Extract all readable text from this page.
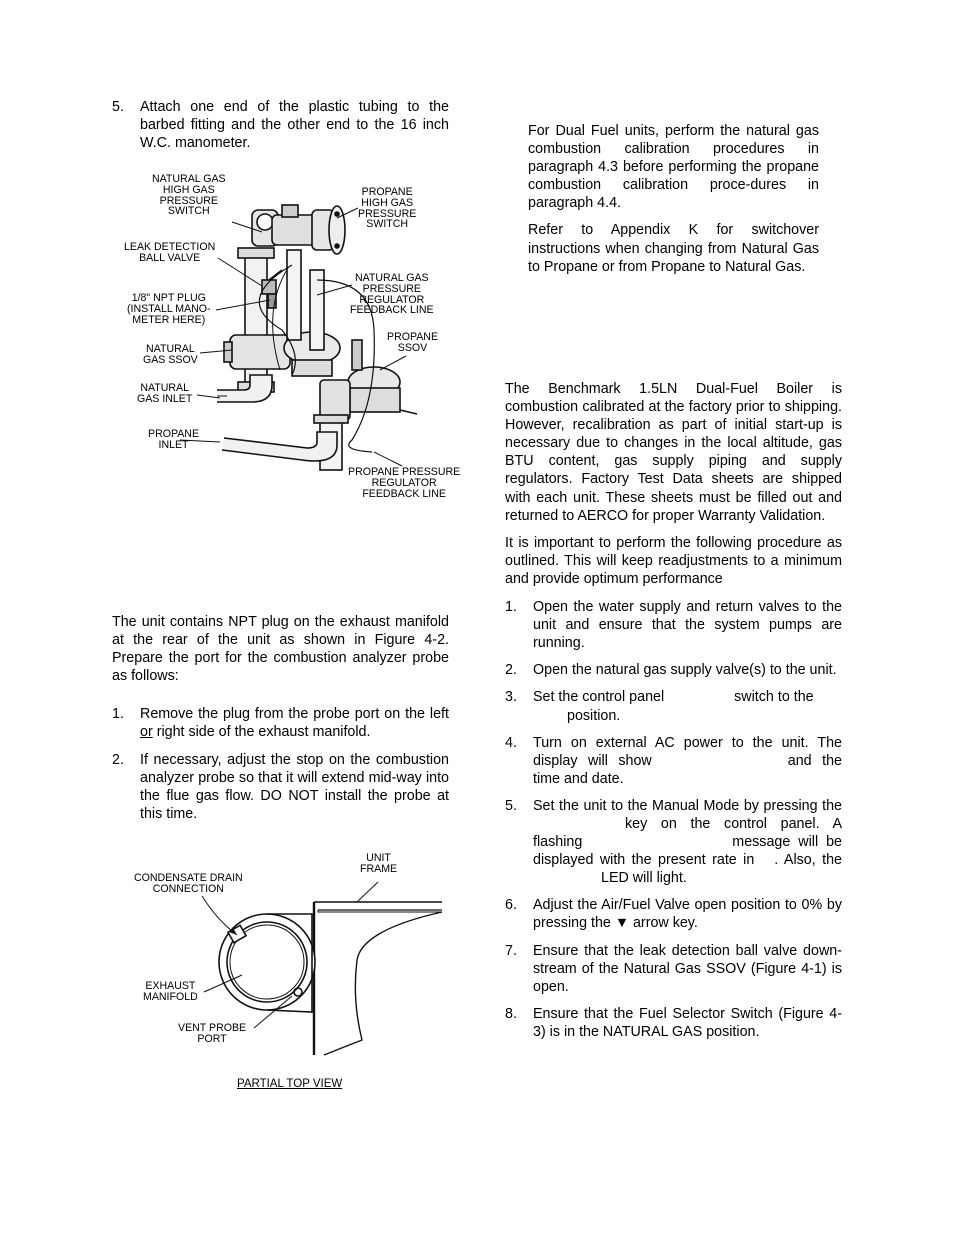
5. Attach one end of the plastic tubing to the barbed fitting and the other end to the 16 inch W.C. manometer.
NATURAL GAS
HIGH GAS
PRESSURE
SWITCH
PROPANE
HIGH GAS
PRESSURE
SWITCH
LEAK DETECTION
BALL VALVE
NATURAL GAS
PRESSURE
REGULATOR
FEEDBACK LINE
1/8" NPT PLUG
(INSTALL MANO-
METER HERE)
PROPANE
SSOV
NATURAL
GAS SSOV
NATURAL
GAS INLET
PROPANE
INLET
PROPANE PRESSURE
REGULATOR
FEEDBACK LINE

The unit contains NPT plug on the exhaust manifold at the rear of the unit as shown in Figure 4-2. Prepare the port for the combustion analyzer probe as follows:

1. Remove the plug from the probe port on the left or right side of the exhaust manifold.
2. If necessary, adjust the stop on the combustion analyzer probe so that it will extend mid-way into the flue gas flow. DO NOT install the probe at this time.
CONDENSATE DRAIN
CONNECTION
UNIT
FRAME
EXHAUST
MANIFOLD
VENT PROBE
PORT
PARTIAL TOP VIEW

For Dual Fuel units, perform the natural gas combustion calibration procedures in paragraph 4.3 before performing the propane combustion calibration proce-dures in paragraph 4.4.

Refer to Appendix K for switchover instructions when changing from Natural Gas to Propane or from Propane to Natural Gas.

The Benchmark 1.5LN Dual-Fuel Boiler is combustion calibrated at the factory prior to shipping. However, recalibration as part of initial start-up is necessary due to changes in the local altitude, gas BTU content, gas supply piping and supply regulators. Factory Test Data sheets are shipped with each unit. These sheets must be filled out and returned to AERCO for proper Warranty Validation.

It is important to perform the following procedure as outlined. This will keep readjustments to a minimum and provide optimum performance

1. Open the water supply and return valves to the unit and ensure that the system pumps are running.
2. Open the natural gas supply valve(s) to the unit.
3. Set the control panel	switch to the
position.
4. Turn on external AC power to the unit. The display will show	and the time and date.
5. Set the unit to the Manual Mode by pressing thekey on the control panel. A flashing	message will be displayed with the present rate in . Also, theLED will light.
6. Adjust the Air/Fuel Valve open position to 0% by pressing the ▼ arrow key.
7. Ensure that the leak detection ball valve down-stream of the Natural Gas SSOV (Figure 4-1) is open.
8. Ensure that the Fuel Selector Switch (Figure 4-3) is in the NATURAL GAS position.
